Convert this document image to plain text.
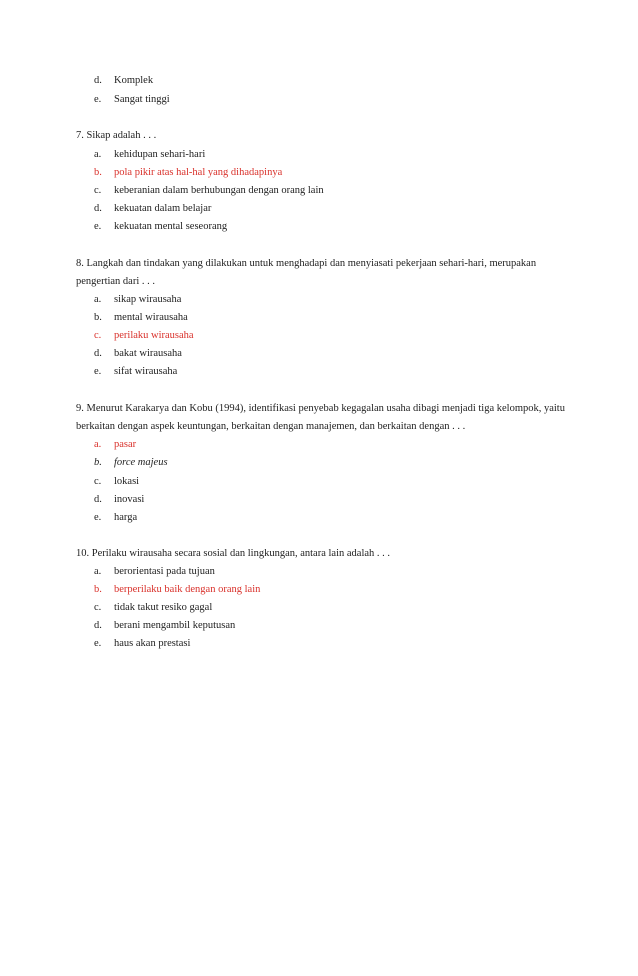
d. Komplek
e. Sangat tinggi
7. Sikap adalah . . .
a. kehidupan sehari-hari
b. pola pikir atas hal-hal yang dihadapinya
c. keberanian dalam berhubungan dengan orang lain
d. kekuatan dalam belajar
e. kekuatan mental seseorang
8. Langkah dan tindakan yang dilakukan untuk menghadapi dan menyiasati pekerjaan sehari-hari, merupakan
pengertian dari . . .
a. sikap wirausaha
b. mental wirausaha
c. perilaku wirausaha
d. bakat wirausaha
e. sifat wirausaha
9. Menurut Karakarya dan Kobu (1994), identifikasi penyebab kegagalan usaha dibagi menjadi tiga kelompok, yaitu
berkaitan dengan aspek keuntungan, berkaitan dengan manajemen, dan berkaitan dengan . . .
a. pasar
b. force majeus
c. lokasi
d. inovasi
e. harga
10. Perilaku wirausaha secara sosial dan lingkungan, antara lain adalah . . .
a. berorientasi pada tujuan
b. berperilaku baik dengan orang lain
c. tidak takut resiko gagal
d. berani mengambil keputusan
e. haus akan prestasi
